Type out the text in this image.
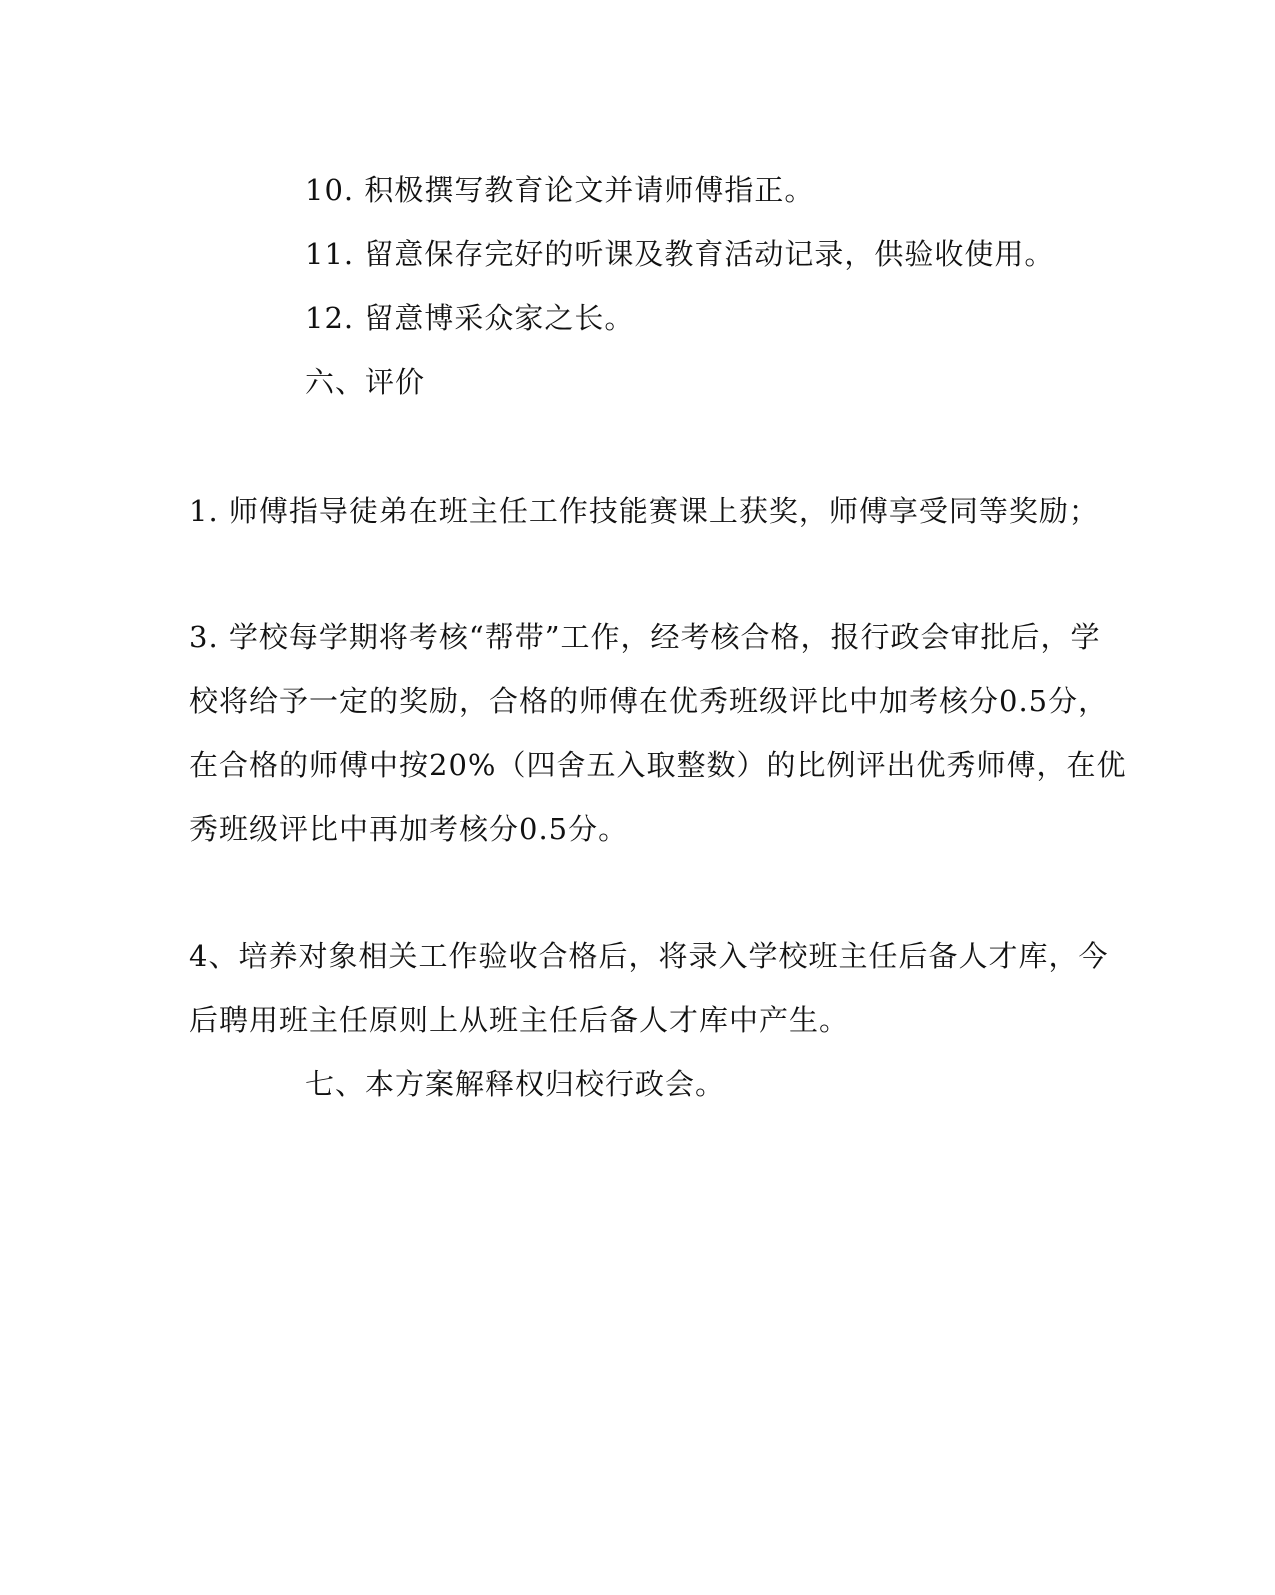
10. 积极撰写教育论文并请师傅指正。
11. 留意保存完好的听课及教育活动记录，供验收使用。
12. 留意博采众家之长。
六、评价
1. 师傅指导徒弟在班主任工作技能赛课上获奖，师傅享受同等奖励；
3. 学校每学期将考核“帮带”工作，经考核合格，报行政会审批后，学
校将给予一定的奖励，合格的师傅在优秀班级评比中加考核分0.5分，
在合格的师傅中按20%（四舍五入取整数）的比例评出优秀师傅，在优
秀班级评比中再加考核分0.5分。
4、培养对象相关工作验收合格后，将录入学校班主任后备人才库，今
后聘用班主任原则上从班主任后备人才库中产生。
七、本方案解释权归校行政会。
